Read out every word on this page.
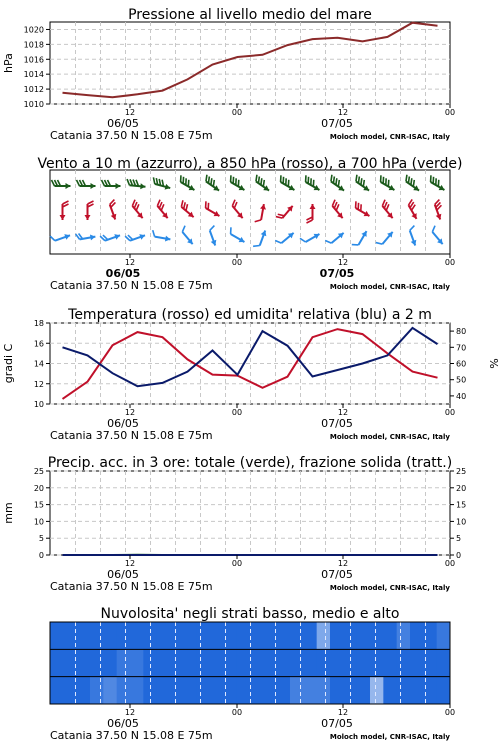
Pressione al livello medio del mare
1010
1012
1014
1016
1018
1020
hPa
12	00	12	00
06/05	07/05
Catania 37.50 N 15.08 E 75m	Moloch model, CNR-ISAC, Italy
Vento a 10 m (azzurro), a 850 hPa (rosso), a 700 hPa (verde)
12	00	12	00
06/05	07/05
Catania 37.50 N 15.08 E 75m	Moloch model, CNR-ISAC, Italy
Temperatura (rosso) ed umidita' relativa (blu) a 2 m
10
12
14
16
18
gradi C
40
50
60
70
80
%
12	00	12	00
06/05	07/05
Catania 37.50 N 15.08 E 75m	Moloch model, CNR-ISAC, Italy
Precip. acc. in 3 ore: totale (verde), frazione solida (tratt.)
0
5
10
15
20
25
0
5
10
15
20
25
mm
12	00	12	00
06/05	07/05
Catania 37.50 N 15.08 E 75m	Moloch model, CNR-ISAC, Italy
Nuvolosita' negli strati basso, medio e alto
12	00	12	00
06/05	07/05
Catania 37.50 N 15.08 E 75m	Moloch model, CNR-ISAC, Italy
